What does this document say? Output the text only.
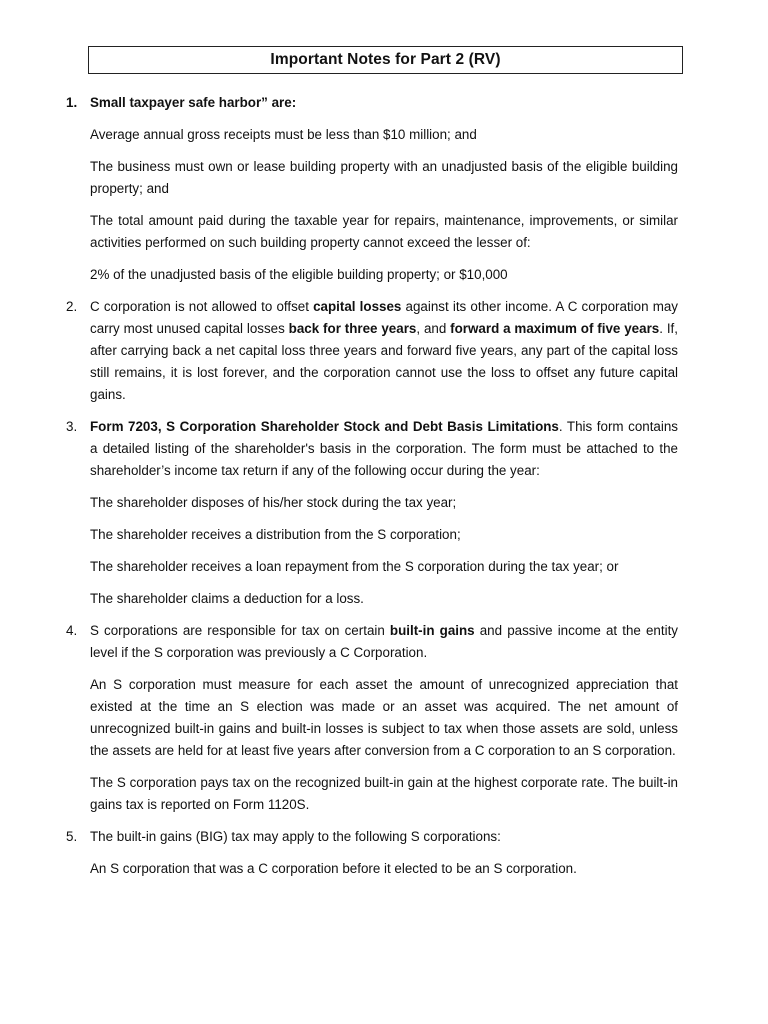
Important Notes for Part 2 (RV)
1. Small taxpayer safe harbor” are:

Average annual gross receipts must be less than $10 million; and

The business must own or lease building property with an unadjusted basis of the eligible building property; and

The total amount paid during the taxable year for repairs, maintenance, improvements, or similar activities performed on such building property cannot exceed the lesser of:

2% of the unadjusted basis of the eligible building property; or $10,000

2. C corporation is not allowed to offset capital losses against its other income. A C corporation may carry most unused capital losses back for three years, and forward a maximum of five years. If, after carrying back a net capital loss three years and forward five years, any part of the capital loss still remains, it is lost forever, and the corporation cannot use the loss to offset any future capital gains.

3. Form 7203, S Corporation Shareholder Stock and Debt Basis Limitations. This form contains a detailed listing of the shareholder's basis in the corporation. The form must be attached to the shareholder’s income tax return if any of the following occur during the year:

The shareholder disposes of his/her stock during the tax year;

The shareholder receives a distribution from the S corporation;

The shareholder receives a loan repayment from the S corporation during the tax year; or

The shareholder claims a deduction for a loss.

4. S corporations are responsible for tax on certain built-in gains and passive income at the entity level if the S corporation was previously a C Corporation.

An S corporation must measure for each asset the amount of unrecognized appreciation that existed at the time an S election was made or an asset was acquired. The net amount of unrecognized built-in gains and built-in losses is subject to tax when those assets are sold, unless the assets are held for at least five years after conversion from a C corporation to an S corporation.

The S corporation pays tax on the recognized built-in gain at the highest corporate rate. The built-in gains tax is reported on Form 1120S.

5. The built-in gains (BIG) tax may apply to the following S corporations:

An S corporation that was a C corporation before it elected to be an S corporation.
